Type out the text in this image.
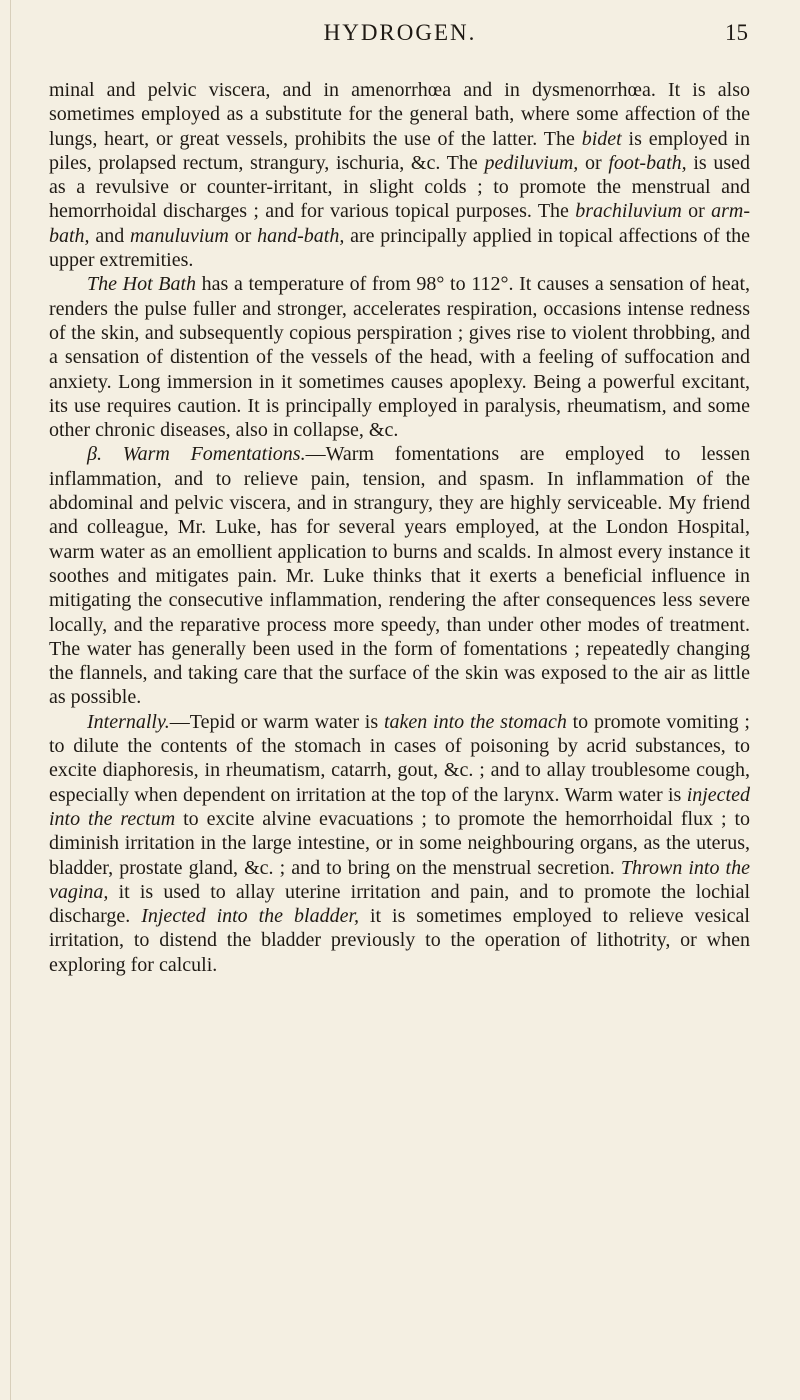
HYDROGEN.	15

minal and pelvic viscera, and in amenorrhœa and in dysmenorrhœa. It is also sometimes employed as a substitute for the general bath, where some affection of the lungs, heart, or great vessels, prohibits the use of the latter. The bidet is employed in piles, prolapsed rectum, strangury, ischuria, &c. The pediluvium, or foot-bath, is used as a revulsive or counter-irritant, in slight colds ; to promote the menstrual and hemorrhoidal discharges ; and for various topical purposes. The brachiluvium or arm-bath, and manuluvium or hand-bath, are principally applied in topical affections of the upper extremities.

The Hot Bath has a temperature of from 98° to 112°. It causes a sensation of heat, renders the pulse fuller and stronger, accelerates respiration, occasions intense redness of the skin, and subsequently copious perspiration ; gives rise to violent throbbing, and a sensation of distention of the vessels of the head, with a feeling of suffocation and anxiety. Long immersion in it sometimes causes apoplexy. Being a powerful excitant, its use requires caution. It is principally employed in paralysis, rheumatism, and some other chronic diseases, also in collapse, &c.

β. Warm Fomentations.—Warm fomentations are employed to lessen inflammation, and to relieve pain, tension, and spasm. In inflammation of the abdominal and pelvic viscera, and in strangury, they are highly serviceable. My friend and colleague, Mr. Luke, has for several years employed, at the London Hospital, warm water as an emollient application to burns and scalds. In almost every instance it soothes and mitigates pain. Mr. Luke thinks that it exerts a beneficial influence in mitigating the consecutive inflammation, rendering the after consequences less severe locally, and the reparative process more speedy, than under other modes of treatment. The water has generally been used in the form of fomentations ; repeatedly changing the flannels, and taking care that the surface of the skin was exposed to the air as little as possible.

Internally.—Tepid or warm water is taken into the stomach to promote vomiting ; to dilute the contents of the stomach in cases of poisoning by acrid substances, to excite diaphoresis, in rheumatism, catarrh, gout, &c. ; and to allay troublesome cough, especially when dependent on irritation at the top of the larynx. Warm water is injected into the rectum to excite alvine evacuations ; to promote the hemorrhoidal flux ; to diminish irritation in the large intestine, or in some neighbouring organs, as the uterus, bladder, prostate gland, &c. ; and to bring on the menstrual secretion. Thrown into the vagina, it is used to allay uterine irritation and pain, and to promote the lochial discharge. Injected into the bladder, it is sometimes employed to relieve vesical irritation, to distend the bladder previously to the operation of lithotrity, or when exploring for calculi.
